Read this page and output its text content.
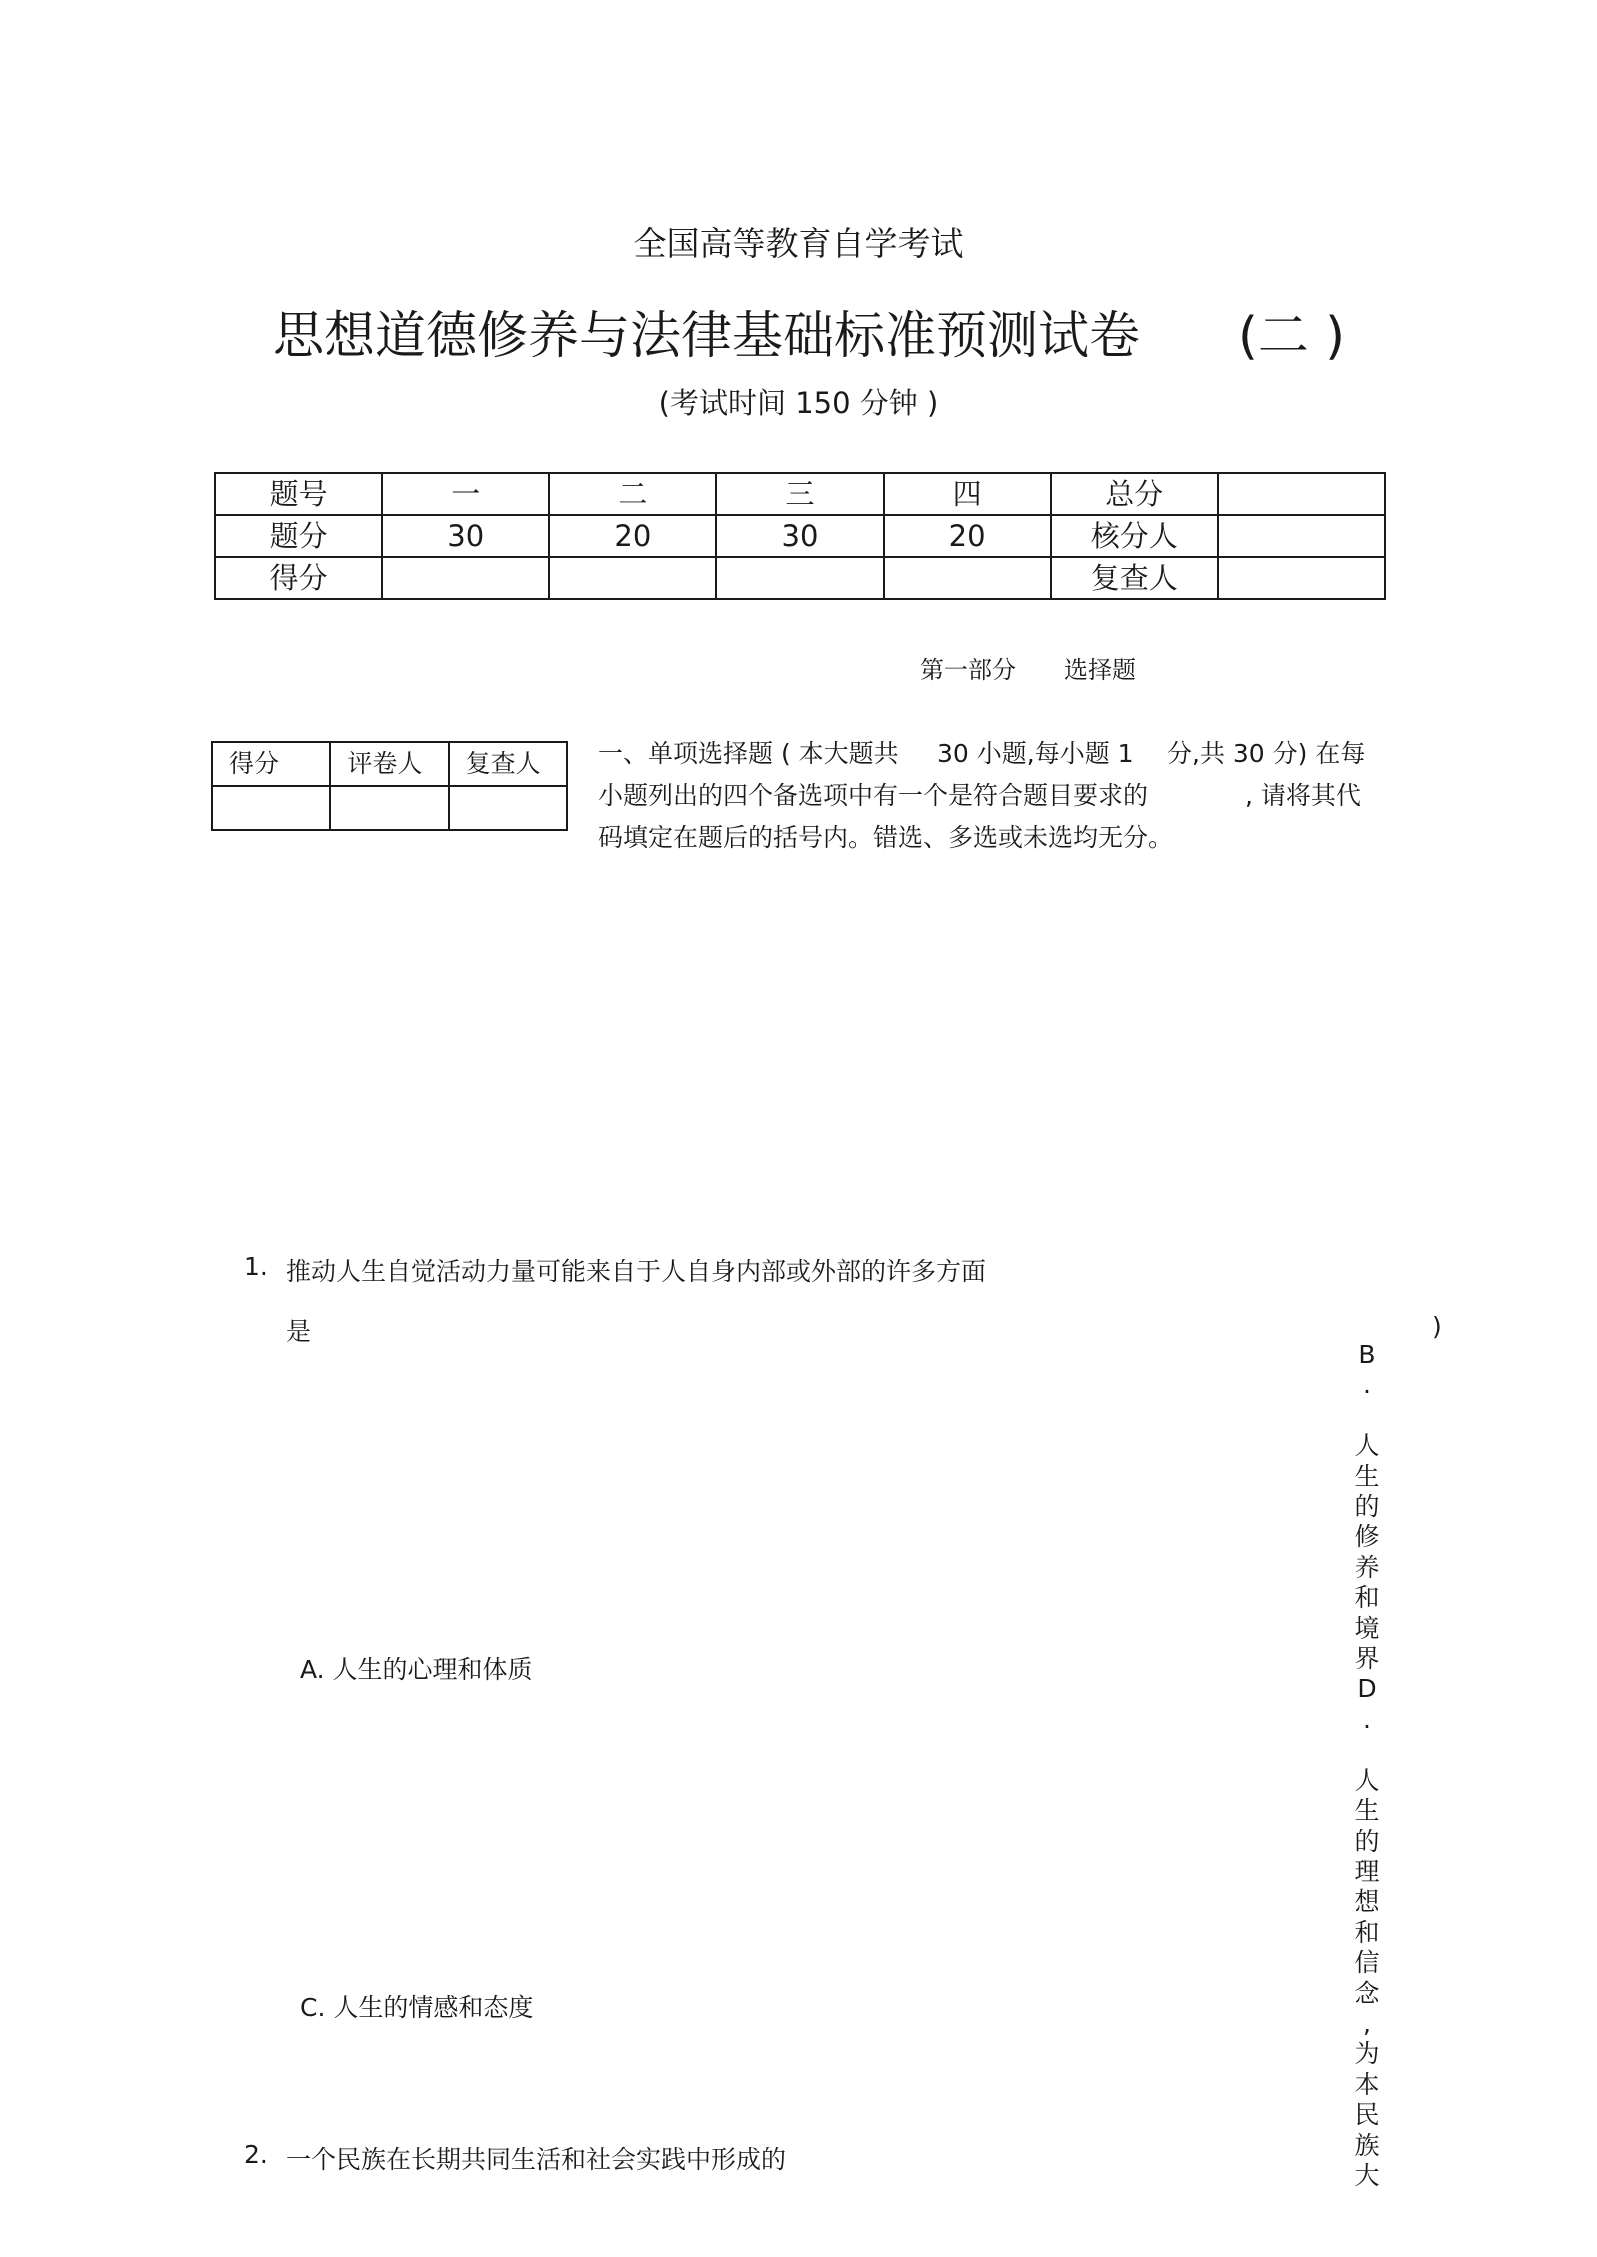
全国高等教育自学考试
思想道德修养与法律基础标准预测试卷 (二 )
(考试时间 150 分钟 )
题号	一	二	三	四	总分	
题分	30	20	30	20	核分人	
得分					复查人	
第一部分 选择题
得分	评卷人	复查人
		一、单项选择题 ( 本大题共 30 小题,每小题 1 分,共 30 分) 在每
小题列出的四个备选项中有一个是符合题目要求的	, 请将其代
码填定在题后的括号内。错选、多选或未选均无分。
1. 推动人生自觉活动力量可能来自于人自身内部或外部的许多方面
是	)
A. 人生的心理和体质
C. 人生的情感和态度
2. 一个民族在长期共同生活和社会实践中形成的
B
.

人
生
的
修
养
和
境
界
D
.

人
生
的
理
想
和
信
念
,为
本
民
族
大
